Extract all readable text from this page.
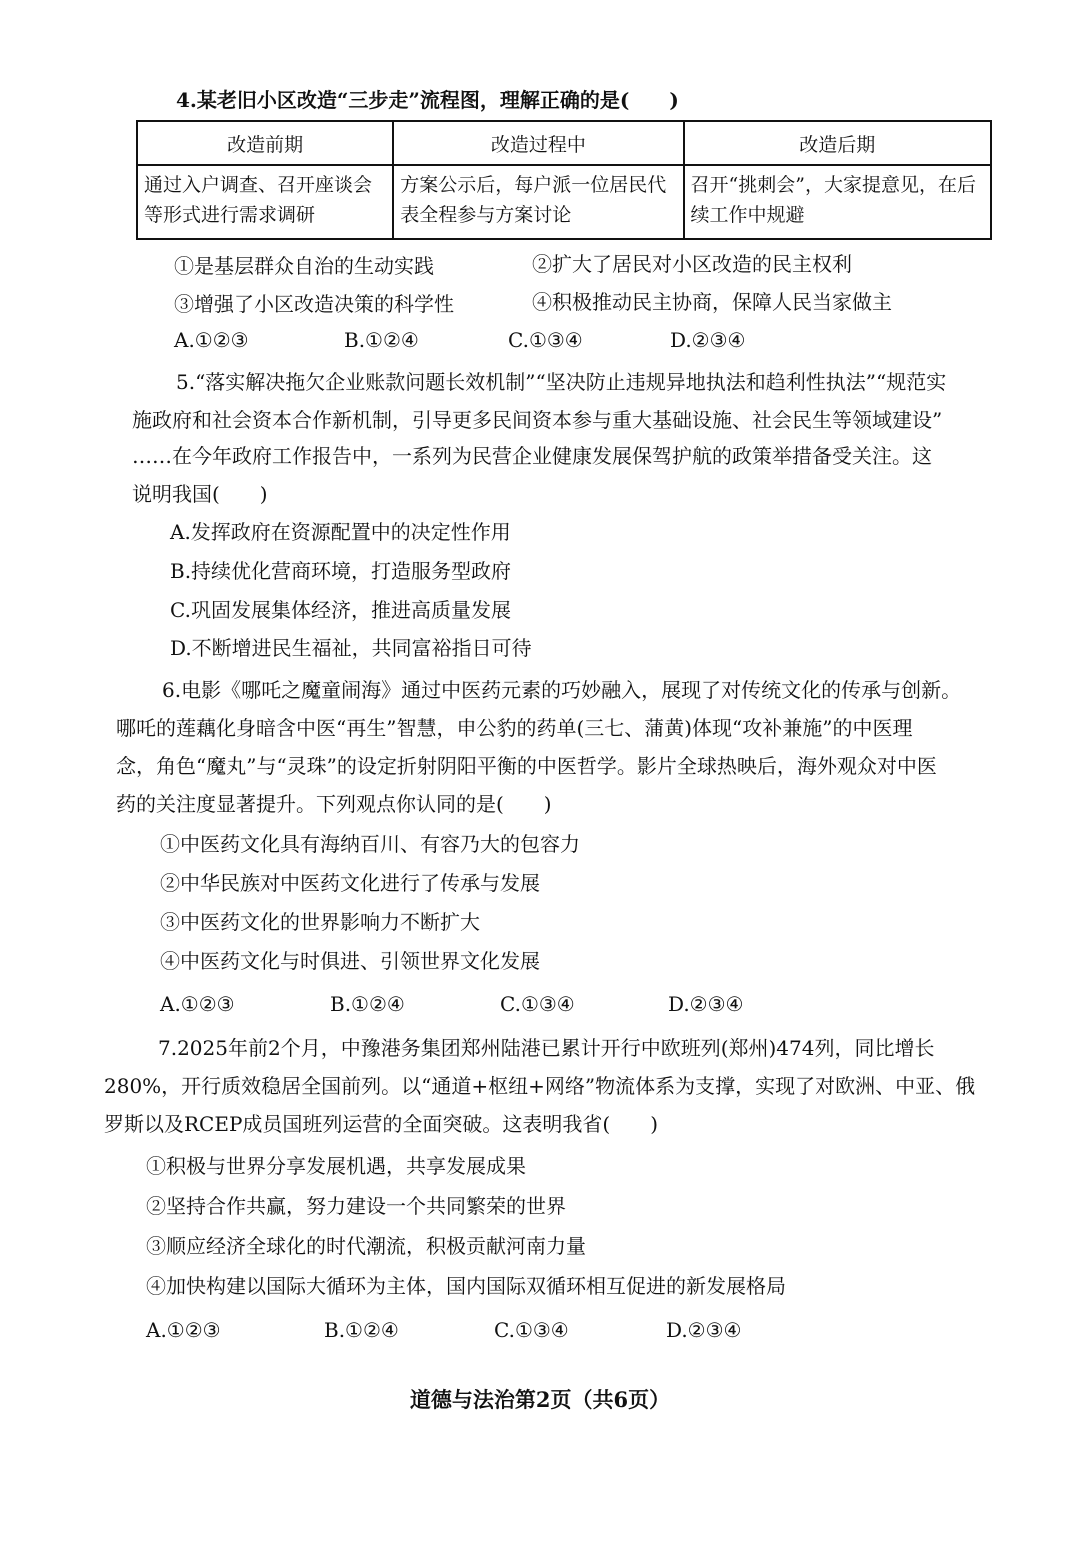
4.某老旧小区改造“三步走”流程图，理解正确的是(　　)
改造前期	改造过程中	改造后期
通过入户调查、召开座谈会等形式进行需求调研	方案公示后，每户派一位居民代表全程参与方案讨论	召开“挑刺会”，大家提意见，在后续工作中规避
①是基层群众自治的生动实践	②扩大了居民对小区改造的民主权利
③增强了小区改造决策的科学性	④积极推动民主协商，保障人民当家做主
A.①②③	B.①②④	C.①③④	D.②③④
5.“落实解决拖欠企业账款问题长效机制”“坚决防止违规异地执法和趋利性执法”“规范实
施政府和社会资本合作新机制，引导更多民间资本参与重大基础设施、社会民生等领域建设”
……在今年政府工作报告中，一系列为民营企业健康发展保驾护航的政策举措备受关注。这
说明我国(　　)
A.发挥政府在资源配置中的决定性作用
B.持续优化营商环境，打造服务型政府
C.巩固发展集体经济，推进高质量发展
D.不断增进民生福祉，共同富裕指日可待
6.电影《哪吒之魔童闹海》通过中医药元素的巧妙融入，展现了对传统文化的传承与创新。
哪吒的莲藕化身暗含中医“再生”智慧，申公豹的药单(三七、蒲黄)体现“攻补兼施”的中医理
念，角色“魔丸”与“灵珠”的设定折射阴阳平衡的中医哲学。影片全球热映后，海外观众对中医
药的关注度显著提升。下列观点你认同的是(　　)
①中医药文化具有海纳百川、有容乃大的包容力
②中华民族对中医药文化进行了传承与发展
③中医药文化的世界影响力不断扩大
④中医药文化与时俱进、引领世界文化发展
A.①②③	B.①②④	C.①③④	D.②③④
7.2025年前2个月，中豫港务集团郑州陆港已累计开行中欧班列(郑州)474列，同比增长
280%，开行质效稳居全国前列。以“通道+枢纽+网络”物流体系为支撑，实现了对欧洲、中亚、俄
罗斯以及RCEP成员国班列运营的全面突破。这表明我省(　　)
①积极与世界分享发展机遇，共享发展成果
②坚持合作共赢，努力建设一个共同繁荣的世界
③顺应经济全球化的时代潮流，积极贡献河南力量
④加快构建以国际大循环为主体，国内国际双循环相互促进的新发展格局
A.①②③	B.①②④	C.①③④	D.②③④
道德与法治第2页（共6页）
